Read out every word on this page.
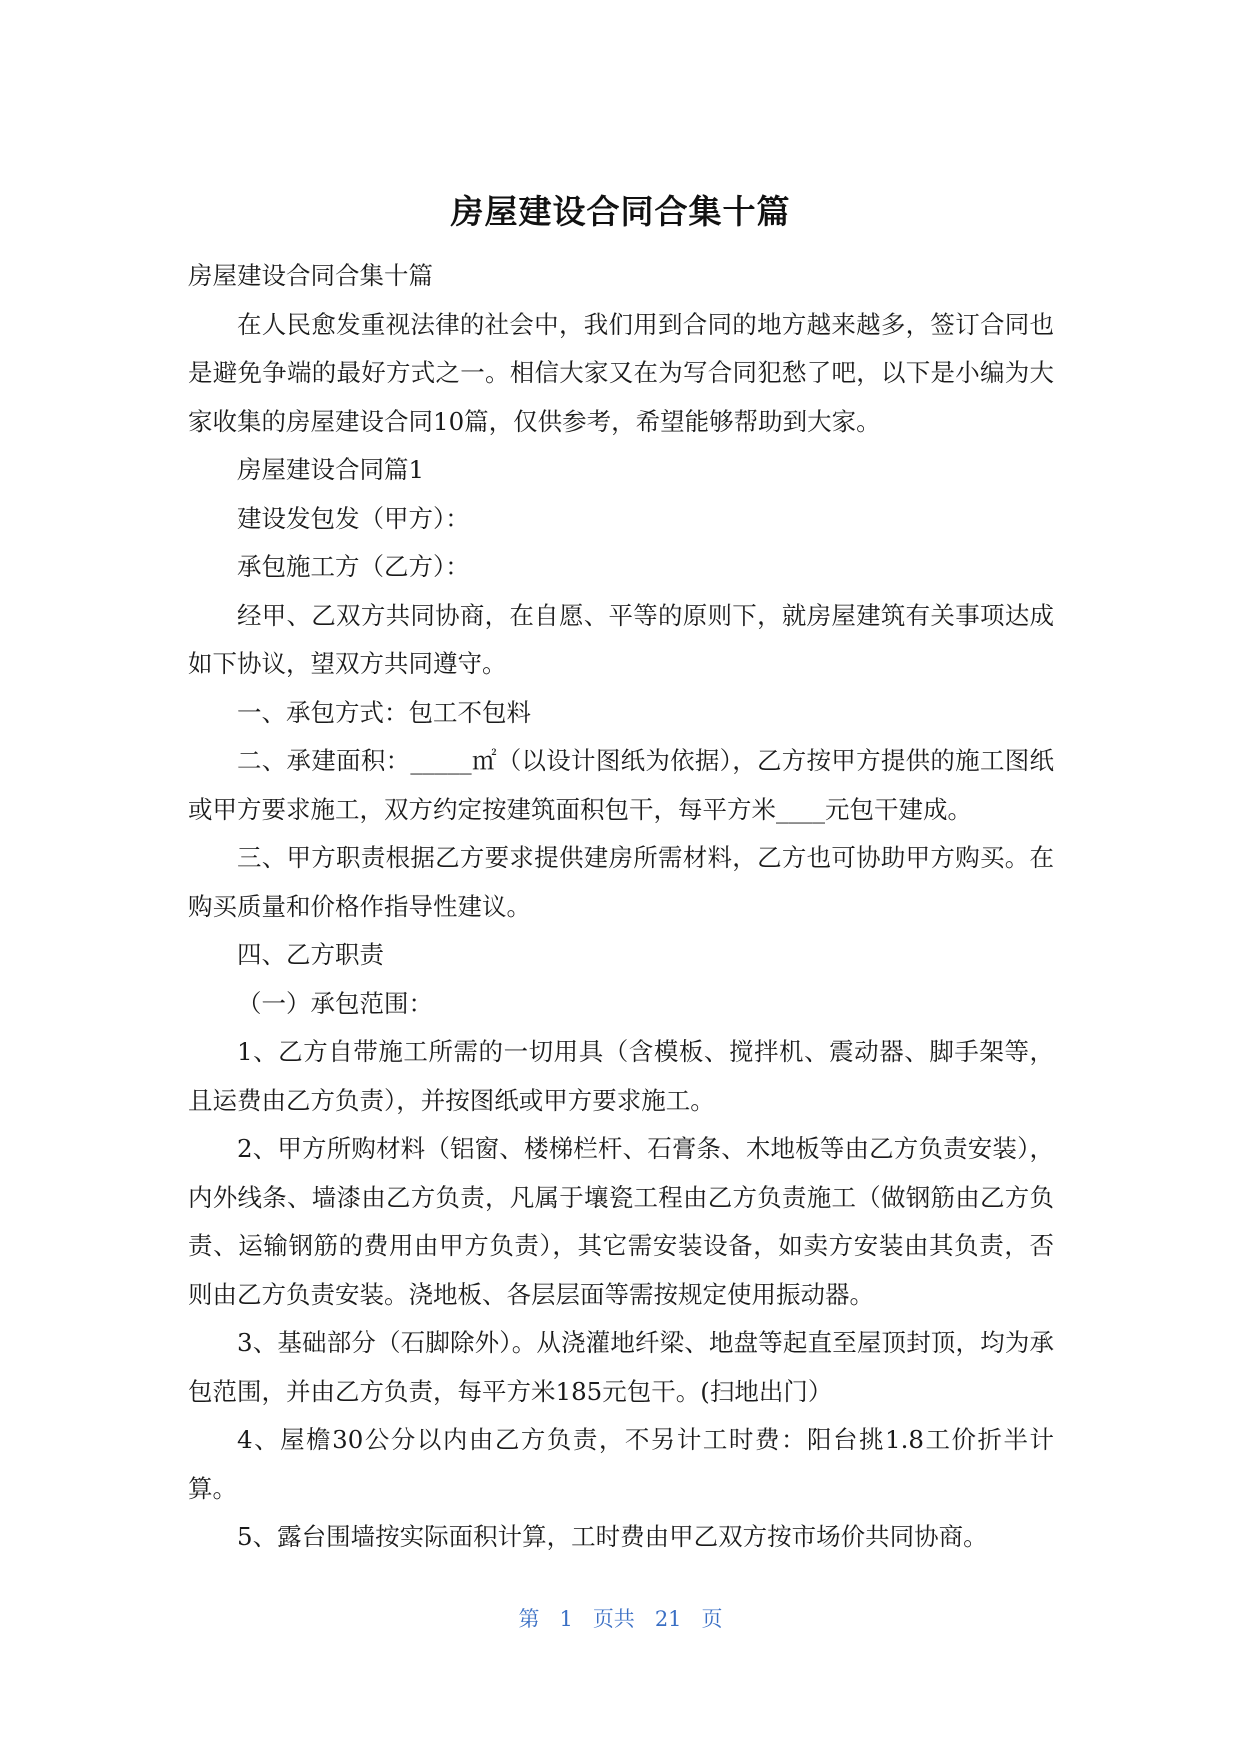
房屋建设合同合集十篇

房屋建设合同合集十篇

在人民愈发重视法律的社会中，我们用到合同的地方越来越多，签订合同也是避免争端的最好方式之一。相信大家又在为写合同犯愁了吧，以下是小编为大家收集的房屋建设合同10篇，仅供参考，希望能够帮助到大家。

房屋建设合同篇1

建设发包发（甲方）：

承包施工方（乙方）：

经甲、乙双方共同协商，在自愿、平等的原则下，就房屋建筑有关事项达成如下协议，望双方共同遵守。

一、承包方式：包工不包料

二、承建面积：_____㎡（以设计图纸为依据），乙方按甲方提供的施工图纸或甲方要求施工，双方约定按建筑面积包干，每平方米____元包干建成。

三、甲方职责根据乙方要求提供建房所需材料，乙方也可协助甲方购买。在购买质量和价格作指导性建议。

四、乙方职责

（一）承包范围：

1、乙方自带施工所需的一切用具（含模板、搅拌机、震动器、脚手架等，且运费由乙方负责），并按图纸或甲方要求施工。

2、甲方所购材料（铝窗、楼梯栏杆、石膏条、木地板等由乙方负责安装），内外线条、墙漆由乙方负责，凡属于壤瓷工程由乙方负责施工（做钢筋由乙方负责、运输钢筋的费用由甲方负责），其它需安装设备，如卖方安装由其负责，否则由乙方负责安装。浇地板、各层层面等需按规定使用振动器。

3、基础部分（石脚除外）。从浇灌地纤梁、地盘等起直至屋顶封顶，均为承包范围，并由乙方负责，每平方米185元包干。(扫地出门）

4、屋檐30公分以内由乙方负责，不另计工时费：阳台挑1.8工价折半计算。

5、露台围墙按实际面积计算，工时费由甲乙双方按市场价共同协商。

第 1 页共 21 页
